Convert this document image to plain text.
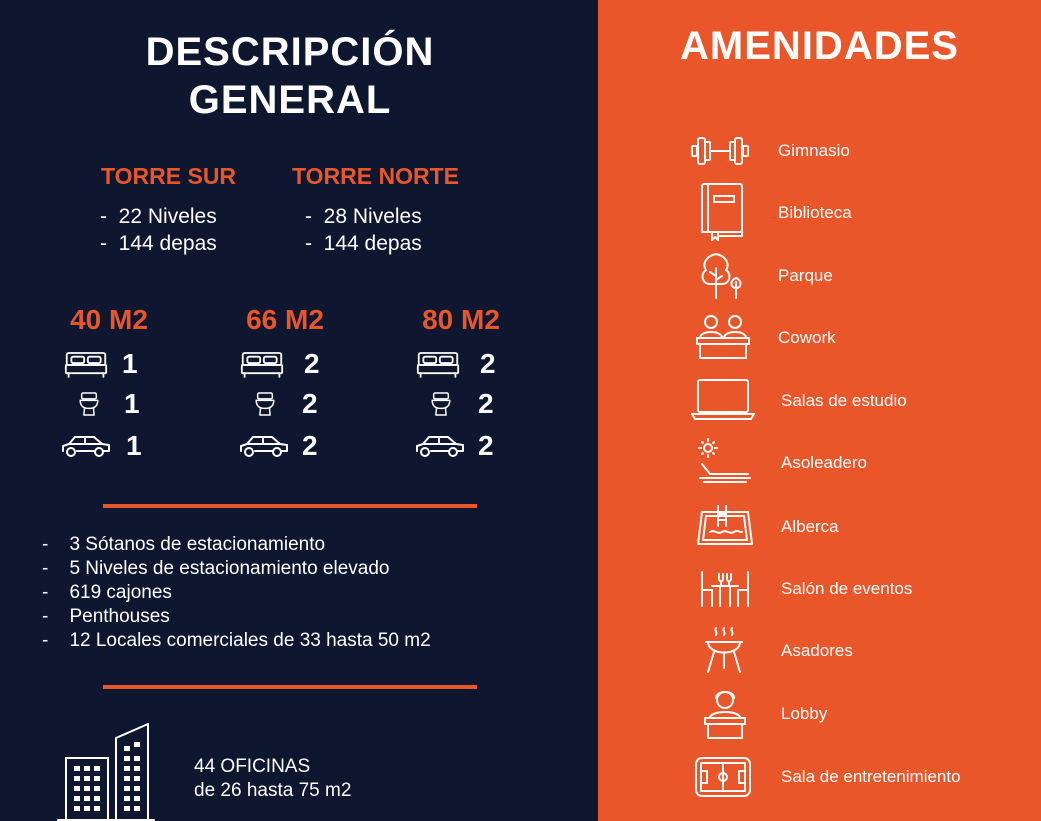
DESCRIPCIÓN
GENERAL
TORRE SUR
- 22 Niveles
- 144 depas
TORRE NORTE
- 28 Niveles
- 144 depas
40 M2
1
1
1
66 M2
2
2
2
80 M2
2
2
2
- 3 Sótanos de estacionamiento
- 5 Niveles de estacionamiento elevado
- 619 cajones
- Penthouses
- 12 Locales comerciales de 33 hasta 50 m2
44 OFICINAS
de 26 hasta 75 m2
AMENIDADES
Gimnasio
Biblioteca
Parque
Cowork
Salas de estudio
Asoleadero
Alberca
Salón de eventos
Asadores
Lobby
Sala de entretenimiento
